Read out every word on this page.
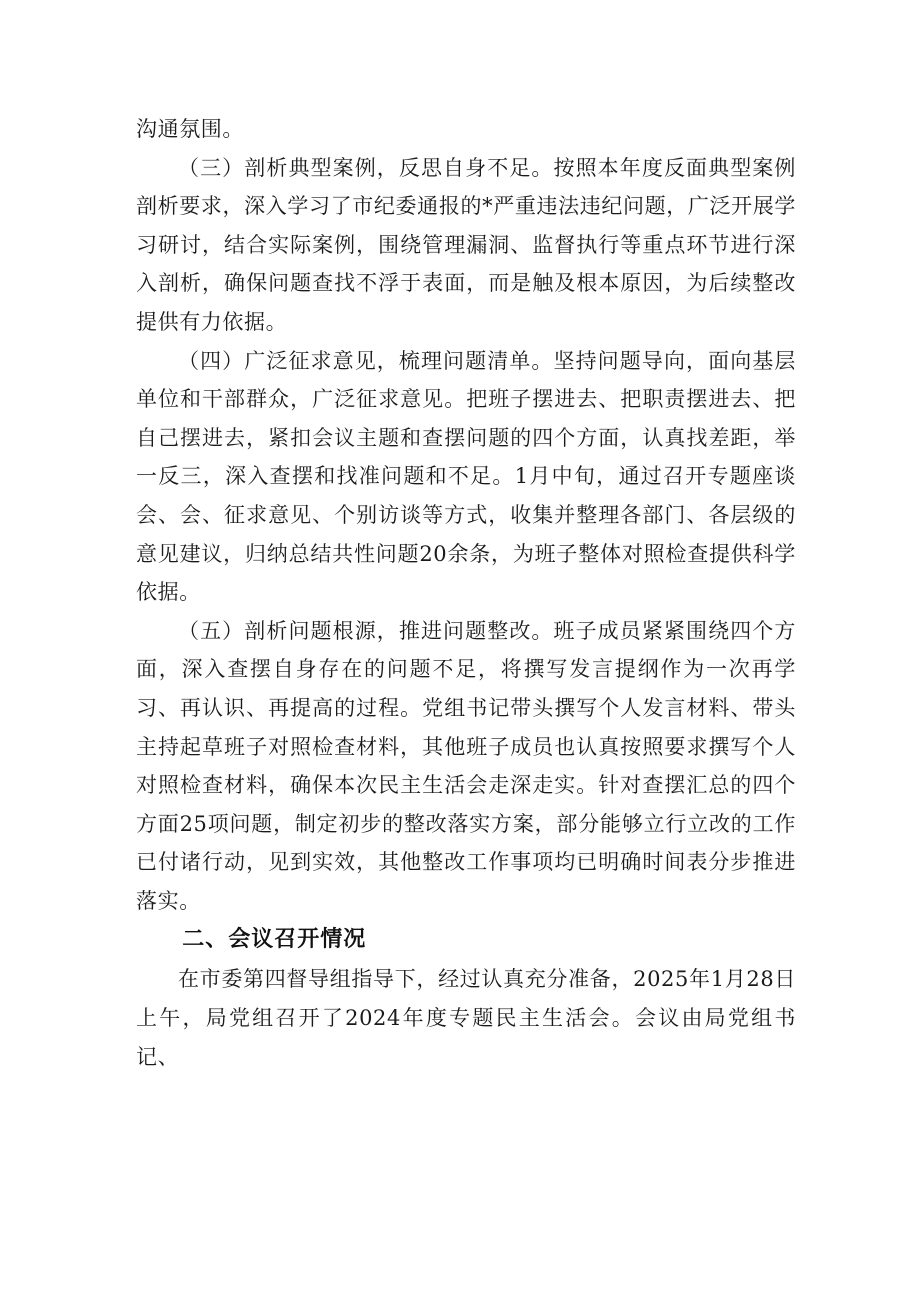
沟通氛围。

（三）剖析典型案例，反思自身不足。按照本年度反面典型案例剖析要求，深入学习了市纪委通报的*严重违法违纪问题，广泛开展学习研讨，结合实际案例，围绕管理漏洞、监督执行等重点环节进行深入剖析，确保问题查找不浮于表面，而是触及根本原因，为后续整改提供有力依据。

（四）广泛征求意见，梳理问题清单。坚持问题导向，面向基层单位和干部群众，广泛征求意见。把班子摆进去、把职责摆进去、把自己摆进去，紧扣会议主题和查摆问题的四个方面，认真找差距，举一反三，深入查摆和找准问题和不足。1月中旬，通过召开专题座谈会、会、征求意见、个别访谈等方式，收集并整理各部门、各层级的意见建议，归纳总结共性问题20余条，为班子整体对照检查提供科学依据。

（五）剖析问题根源，推进问题整改。班子成员紧紧围绕四个方面，深入查摆自身存在的问题不足，将撰写发言提纲作为一次再学习、再认识、再提高的过程。党组书记带头撰写个人发言材料、带头主持起草班子对照检查材料，其他班子成员也认真按照要求撰写个人对照检查材料，确保本次民主生活会走深走实。针对查摆汇总的四个方面25项问题，制定初步的整改落实方案，部分能够立行立改的工作已付诸行动，见到实效，其他整改工作事项均已明确时间表分步推进落实。

二、会议召开情况

在市委第四督导组指导下，经过认真充分准备，2025年1月28日上午，局党组召开了2024年度专题民主生活会。会议由局党组书记、
